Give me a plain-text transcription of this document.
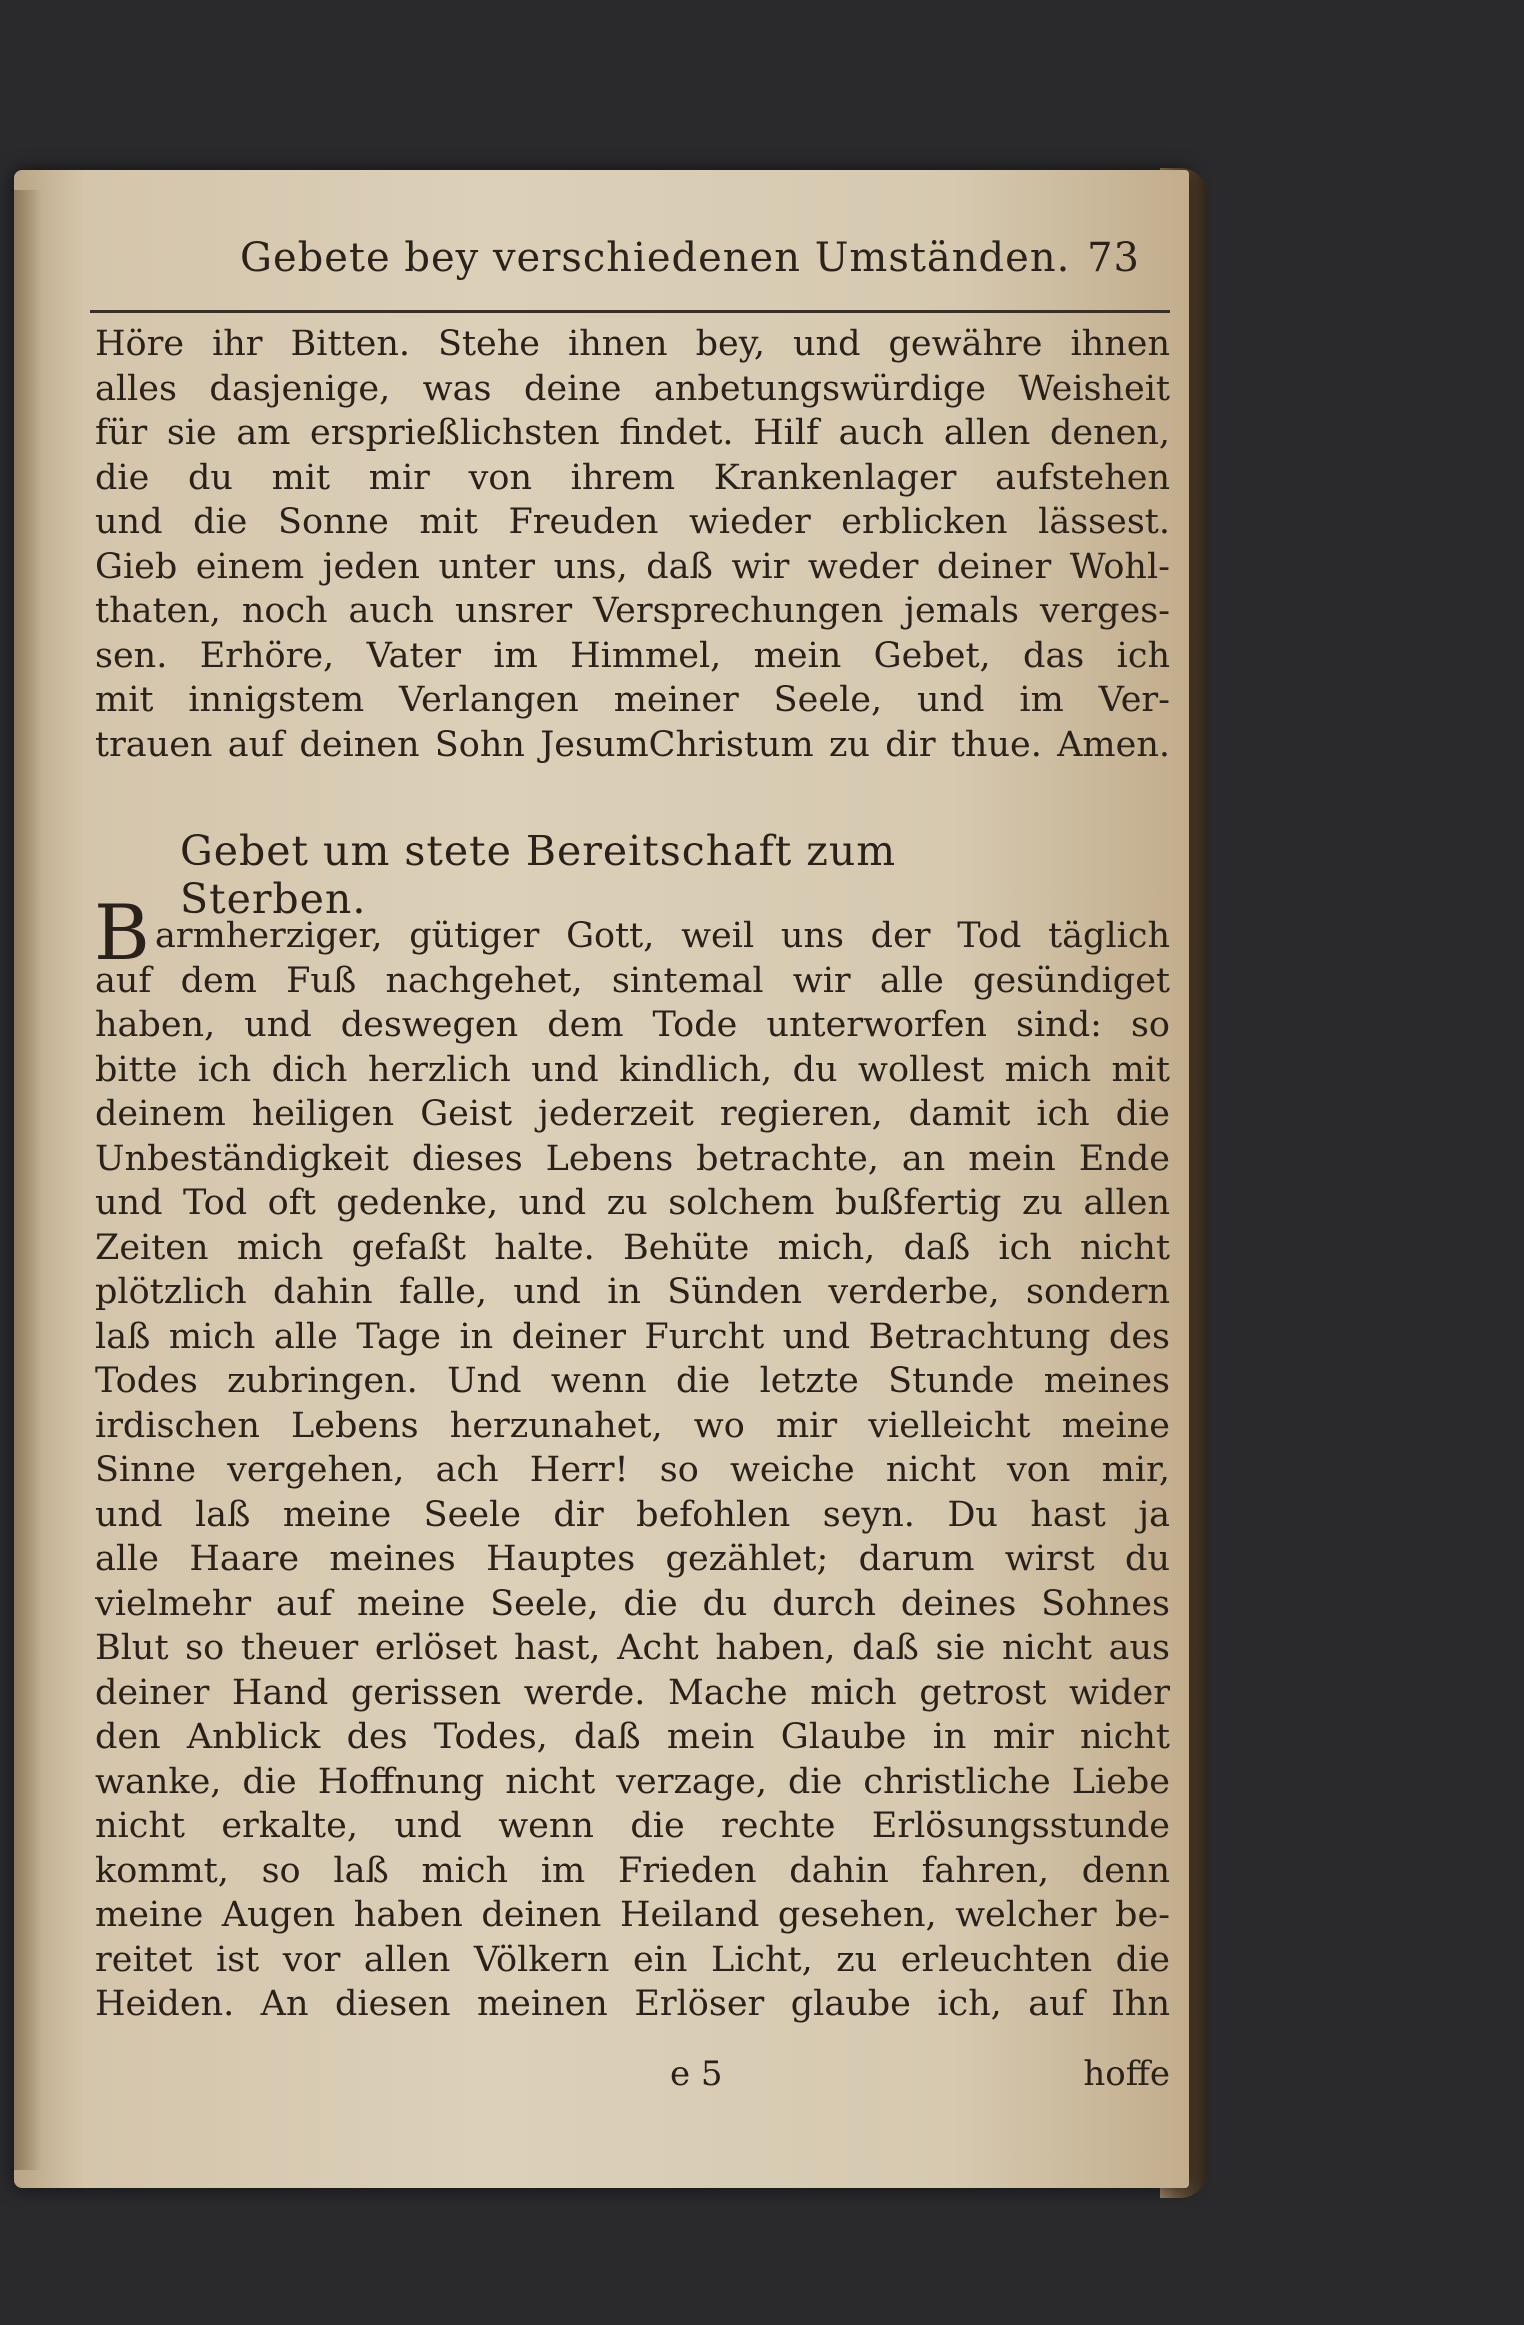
Gebete bey verschiedenen Umständen. 73
Höre ihr Bitten. Stehe ihnen bey, und gewähre ihnen
alles dasjenige, was deine anbetungswürdige Weisheit
für sie am ersprießlichsten findet. Hilf auch allen denen,
die du mit mir von ihrem Krankenlager aufstehen
und die Sonne mit Freuden wieder erblicken lässest.
Gieb einem jeden unter uns, daß wir weder deiner Wohl-
thaten, noch auch unsrer Versprechungen jemals verges-
sen. Erhöre, Vater im Himmel, mein Gebet, das ich
mit innigstem Verlangen meiner Seele, und im Ver-
trauen auf deinen Sohn JesumChristum zu dir thue. Amen.
Gebet um stete Bereitschaft zum Sterben.
B armherziger, gütiger Gott, weil uns der Tod täglich
auf dem Fuß nachgehet, sintemal wir alle gesündiget
haben, und deswegen dem Tode unterworfen sind: so
bitte ich dich herzlich und kindlich, du wollest mich mit
deinem heiligen Geist jederzeit regieren, damit ich die
Unbeständigkeit dieses Lebens betrachte, an mein Ende
und Tod oft gedenke, und zu solchem bußfertig zu allen
Zeiten mich gefaßt halte. Behüte mich, daß ich nicht
plötzlich dahin falle, und in Sünden verderbe, sondern
laß mich alle Tage in deiner Furcht und Betrachtung des
Todes zubringen. Und wenn die letzte Stunde meines
irdischen Lebens herzunahet, wo mir vielleicht meine
Sinne vergehen, ach Herr! so weiche nicht von mir,
und laß meine Seele dir befohlen seyn. Du hast ja
alle Haare meines Hauptes gezählet; darum wirst du
vielmehr auf meine Seele, die du durch deines Sohnes
Blut so theuer erlöset hast, Acht haben, daß sie nicht aus
deiner Hand gerissen werde. Mache mich getrost wider
den Anblick des Todes, daß mein Glaube in mir nicht
wanke, die Hoffnung nicht verzage, die christliche Liebe
nicht erkalte, und wenn die rechte Erlösungsstunde
kommt, so laß mich im Frieden dahin fahren, denn
meine Augen haben deinen Heiland gesehen, welcher be-
reitet ist vor allen Völkern ein Licht, zu erleuchten die
Heiden. An diesen meinen Erlöser glaube ich, auf Ihn
e 5	hoffe
